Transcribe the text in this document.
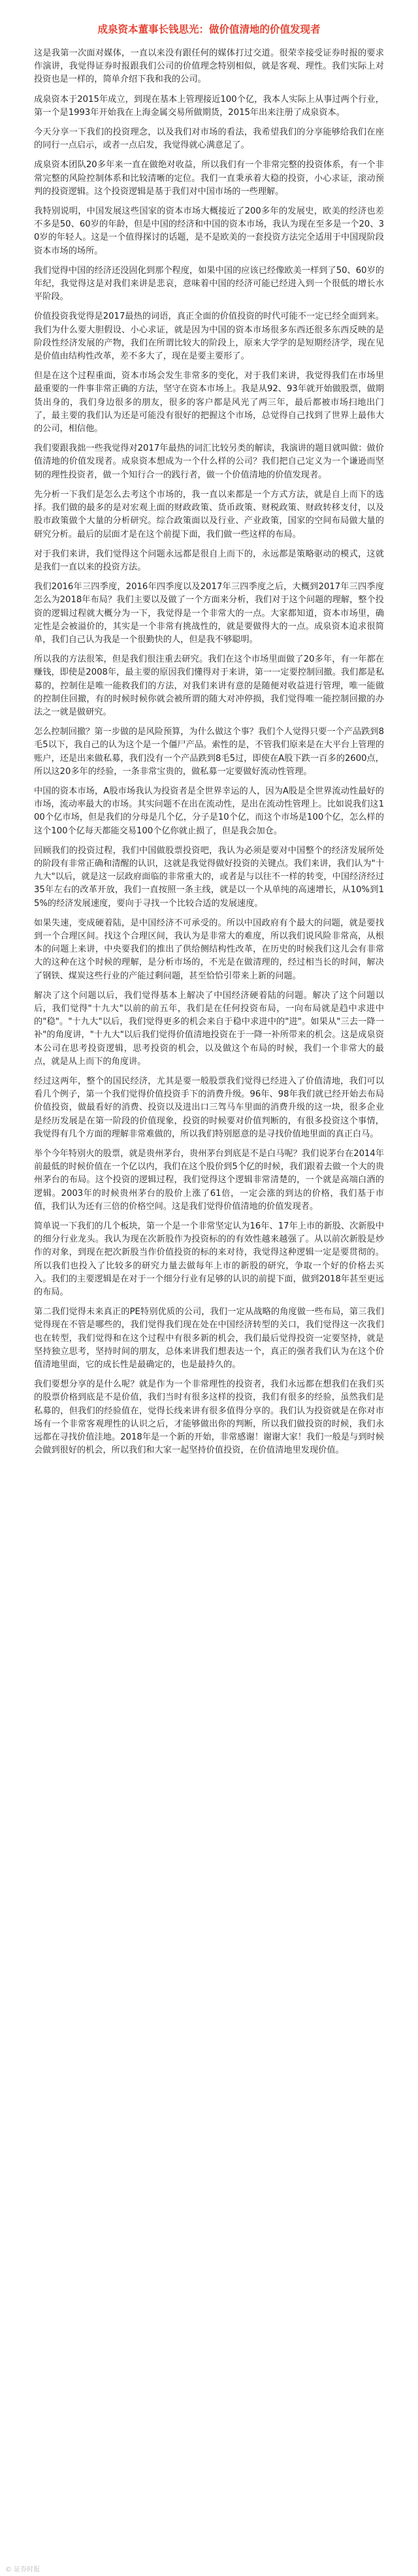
成泉资本董事长钱思光：做价值清地的价值发现者

这是我第一次面对媒体，一直以来没有跟任何的媒体打过交道。很荣幸接受证券时报的要求作演讲，我觉得证券时报跟我们公司的价值理念特别相似，就是客观、理性。我们实际上对投资也是一样的，简单介绍下我和我的公司。

成泉资本于2015年成立，到现在基本上管理接近100个亿，我本人实际上从事过两个行业，第一个是1993年开始我在上海金属交易所做期货，2015年出来注册了成泉资本。

今天分享一下我们的投资理念，以及我们对市场的看法，我希望我们的分享能够给我们在座的同行一点启示，或者一点启发，我觉得就心满意足了。

成泉资本团队20多年来一直在做绝对收益，所以我们有一个非常完整的投资体系，有一个非常完整的风险控制体系和比较清晰的定位。我们一直秉承着大稳的投资，小心求证，滚动预判的投资逻辑。这个投资逻辑是基于我们对中国市场的一些理解。

我特别说明，中国发展这些国家的资本市场大概接近了200多年的发展史，欧美的经济也差不多是50、60岁的年龄，但是中国的经济和中国的资本市场，我认为现在至多是一个20、30岁的年轻人。这是一个值得探讨的话题，是不是欧美的一套投资方法完全适用于中国现阶段资本市场的场所。

我们觉得中国的经济还没固化到那个程度，如果中国的应该已经像欧美一样到了50、60岁的年纪，我觉得这是对我们来讲是悲哀，意味着中国的经济可能已经进入到一个很低的增长水平阶段。

价值投资我觉得是2017最热的词语，真正全面的价值投资的时代可能不一定已经全面到来。我们为什么要大胆假设、小心求证，就是因为中国的资本市场很多东西还很多东西反映的是阶段性经济发展的产物，我们在所谓比较大的阶段上，原来大学学的是短期经济学，现在见是价值由结构性改革，差不多大了，现在是要主要形了。

但是在这个过程重面，资本市场会发生非常多的变化，对于我们来讲，我觉得我们在市场里最重要的一件事非常正确的方法，坚守在资本市场上。我是从92、93年就开始做股票，做期货出身的，我们身边很多的朋友，很多的客户都是风光了两三年，最后都被市场扫地出门了，最主要的我们认为还是可能没有很好的把握这个市场，总觉得自己找到了世界上最伟大的公司，相信他。

我们要跟我拙一些我觉得对2017年最热的词汇比较另类的解读，我演讲的题目就叫做：做价值清地的价值发现者。成泉资本想成为一个什么样的公司？我们把自己定义为一个谦逊而坚韧的理性投资者，做一个知行合一的践行者，做一个价值清地的价值发现者。

先分析一下我们是怎么去考这个市场的，我一直以来都是一个方式方法，就是自上而下的选择。我们做的最多的是对宏观上面的财政政策、货币政策、财税政策、财政转移支付，以及股市政策做个大量的分析研究。综合政策面以及行业、产业政策，国家的空间布局做大量的研究分析。最后的层面才是在这个前提下面，我们做一些这样的布局。

对于我们来讲，我们觉得这个问题永远都是很自上而下的，永远都是策略驱动的模式，这就是我们一直以来的投资方法。

我们2016年三四季度，2016年四季度以及2017年三四季度之后，大概到2017年三四季度怎么为2018年布局？我们主要以及做了一个方面来分析，我们对于这个问题的理解，整个投资的逻辑过程就大概分为一下，我觉得是一个非常大的一点。大家都知道，资本市场里，确定性是会被溢价的，其实是一个非常有挑战性的，就是要做得大的一点。成泉资本追求很简单，我们自己认为我是一个很勤快的人，但是我不够聪明。

所以我的方法很笨，但是我们很注重去研究。我们在这个市场里面做了20多年，有一年都在赚钱，即使是2008年，最主要的原因我们懂得对于来讲，第一一定要控制回撤。我们都是私募的，控制住是唯一能救我们的方法，对我们来讲有意的是随便对收益进行管理，唯一能做的控制住回撤，有的时候时候你就会被所谓的随大对冲停损，我们觉得唯一能控制回撤的办法之一就是做研究。

怎么控制回撤？第一步做的是风险预算，为什么做这个事？我们个人觉得只要一个产品跌到8毛5以下，我自己的认为这个是一个僵尸产品。索性的是，不管我们原来是在大平台上管理的账户，还是出来做私募，我们没有一个产品跌到8毛5过，即使在A股下跌一百多的2600点，所以这20多年的经验，一条非常宝贵的，做私募一定要做好流动性管理。

中国的资本市场，A股市场我认为投资者是全世界幸运的人，因为A股是全世界流动性最好的市场，流动率最大的市场。其实问题不在出在流动性，是出在流动性管理上。比如说我们这100个亿市场，但是我们的分母是几个亿，分子是10个亿，而这个市场是100个亿，怎么样的这个100个亿每天都能交易100个亿你就止损了，但是我会加仓。

回顾我们的投资过程，我们中国做股票投资吧，我认为必须是要对中国整个的经济发展所处的阶段有非常正确和清醒的认识，这就是我觉得做好投资的关键点。我们来讲，我们认为"十九大"以后，就是这一层政府面临的非常重大的，或者是与以往不一样的转变，中国经济经过35年左右的改革开放，我们一直按照一条主线，就是以一个从单纯的高速增长，从10%到15%的经济发展速度，要向于寻找一个比较合适的发展速度。

如果失速，变成硬着陆，是中国经济不可承受的。所以中国政府有个最大的问题，就是要找到一个合理区间。找这个合理区间，我认为是非常大的难度，所以我们说风险非常高，从根本的问题上来讲，中央要我们的推出了供给侧结构性改革，在历史的时候我们这儿会有非常大的这种在这个时候的理解，是分析市场的，不光是在做清理的，经过相当长的时间，解决了钢铁、煤炭这些行业的产能过剩问题，甚至恰恰引带来上新的问题。

解决了这个问题以后，我们觉得基本上解决了中国经济硬着陆的问题。解决了这个问题以后，我们觉得"十九大"以前的前五年，我们是在任何投资布局，一向布局就是趋中求进中的"稳"。"十九大"以后，我们觉得更多的机会来自于稳中求进中的"进"。如果从"三去一降一补"的角度讲，"十九大"以后我们觉得价值清地投资在于一降一补所带来的机会。这是成泉资本公司在思考投资逻辑，思考投资的机会，以及做这个布局的时候，我们一个非常大的最点，就是从上而下的角度讲。

经过这两年，整个的国民经济，尤其是要一般股票我们觉得已经进入了价值清地，我们可以看几个例子，第一个我们觉得价值投资手下的消费升级。96年、98年我们就已经开始去布局价值投资，做最看好的消费、投资以及进出口三驾马车里面的消费升级的这一块，很多企业是经历发展是在第一阶段的价值现象，投资的时候要对价值判断的，有很多投资这个事情，我觉得有几个方面的理解非常难做的，所以我们特别愿意的是寻找价值地里面的真正白马。

举个今年特别火的股票，就是贵州茅台，贵州茅台到底是不是白马呢？我们说茅台在2014年前最低的时候价值在一个亿以内，我们在这个股价到5个亿的时候，我们跟着去做一个大的贵州茅台的布局。这个投资的逻辑过程，我们觉得这个逻辑非常清楚的，一个就是高端白酒的逻辑。2003年的时候贵州茅台的股价上涨了61倍，一定会涨的到达的价格，我们基于市值，我们认为还有三倍的价格空间。这是我们觉得价值清地的价值发现者。

简单说一下我们的几个板块，第一个是一个非常坚定认为16年、17年上市的新股、次新股中的细分行业龙头。我认为现在次新股作为投资标的的有效性越来越强了。从以前次新股是炒作的对象，到现在把次新股当作价值投资的标的来对待，我觉得这种逻辑一定是要贯彻的。所以我们也投入了比较多的研究力量去做每年上市的新股的研究，争取一个好的价格去买入。我们的主要逻辑是在对于一个细分行业有足够的认识的前提下面，做到2018年甚至更远的布局。

第二我们觉得未来真正的PE特别优质的公司，我们一定从战略的角度做一些布局，第三我们觉得现在不管是哪些的，我们觉得我们现在处在中国经济转型的关口，我们觉得这一次我们也在转型，我们觉得和在这个过程中有很多新的机会，我们最后觉得投资一定要坚持，就是坚持独立思考，坚持时间的朋友，总体来讲我们想表达一个，真正的强者我们认为在这个价值清地里面，它的成长性是最确定的，也是最持久的。

我们要想分享的是什么呢？就是作为一个非常理性的投资者，我们永远都在想我们在我们买的股票价格到底是不是价值，我们当时有很多这样的投资，我们有很多的经验，虽然我们是私募的，但我们的经验值在，觉得长线来讲有很多值得分享的。我们认为投资就是在你对市场有一个非常客观理性的认识之后，才能够做出你的判断，所以我们做投资的时候，我们永远都在寻找价值洼地。2018年是一个新的开始，非常感谢！谢谢大家！我们一般是与到时候会做到很好的机会，所以我们和大家一起坚持价值投资，在价值清地里发现价值。

© 证券时报
